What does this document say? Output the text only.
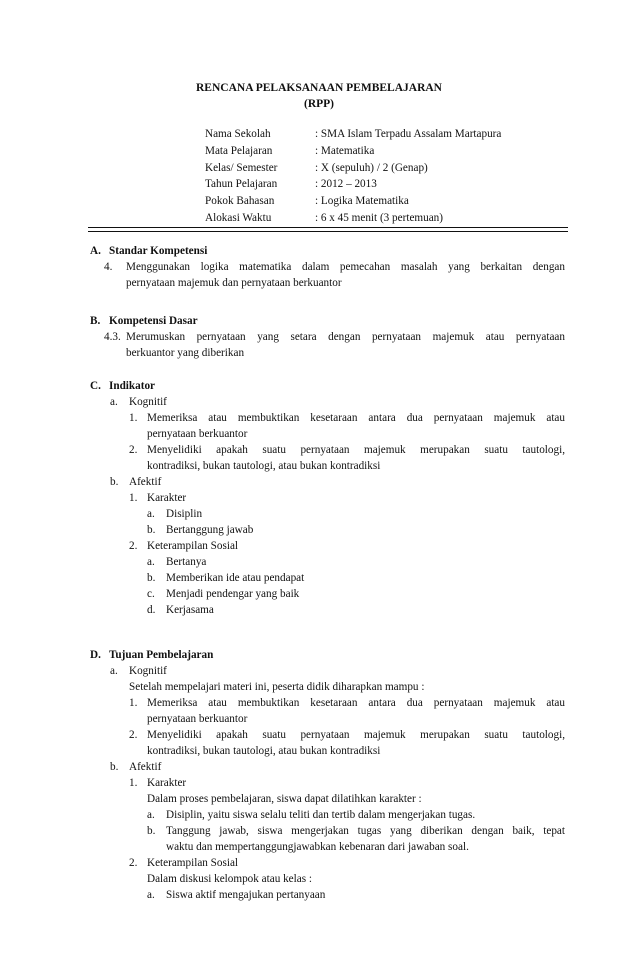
RENCANA PELAKSANAAN PEMBELAJARAN
(RPP)
Nama Sekolah	: SMA Islam Terpadu Assalam Martapura
Mata Pelajaran	: Matematika
Kelas/ Semester	: X (sepuluh) / 2 (Genap)
Tahun Pelajaran	: 2012 – 2013
Pokok Bahasan	: Logika Matematika
Alokasi Waktu	: 6 x 45 menit (3 pertemuan)
A. Standar Kompetensi
4. Menggunakan logika matematika dalam pemecahan masalah yang berkaitan dengan
pernyataan majemuk dan pernyataan berkuantor
B. Kompetensi Dasar
4.3. Merumuskan pernyataan yang setara dengan pernyataan majemuk atau pernyataan
berkuantor yang diberikan
C. Indikator
a. Kognitif
1. Memeriksa atau membuktikan kesetaraan antara dua pernyataan majemuk atau
pernyataan berkuantor
2. Menyelidiki apakah suatu pernyataan majemuk merupakan suatu tautologi,
kontradiksi, bukan tautologi, atau bukan kontradiksi
b. Afektif
1. Karakter
a. Disiplin
b. Bertanggung jawab
2. Keterampilan Sosial
a. Bertanya
b. Memberikan ide atau pendapat
c. Menjadi pendengar yang baik
d. Kerjasama
D. Tujuan Pembelajaran
a. Kognitif
Setelah mempelajari materi ini, peserta didik diharapkan mampu :
1. Memeriksa atau membuktikan kesetaraan antara dua pernyataan majemuk atau
pernyataan berkuantor
2. Menyelidiki apakah suatu pernyataan majemuk merupakan suatu tautologi,
kontradiksi, bukan tautologi, atau bukan kontradiksi
b. Afektif
1. Karakter
Dalam proses pembelajaran, siswa dapat dilatihkan karakter :
a. Disiplin, yaitu siswa selalu teliti dan tertib dalam mengerjakan tugas.
b. Tanggung jawab, siswa mengerjakan tugas yang diberikan dengan baik, tepat
waktu dan mempertanggungjawabkan kebenaran dari jawaban soal.
2. Keterampilan Sosial
Dalam diskusi kelompok atau kelas :
a. Siswa aktif mengajukan pertanyaan
